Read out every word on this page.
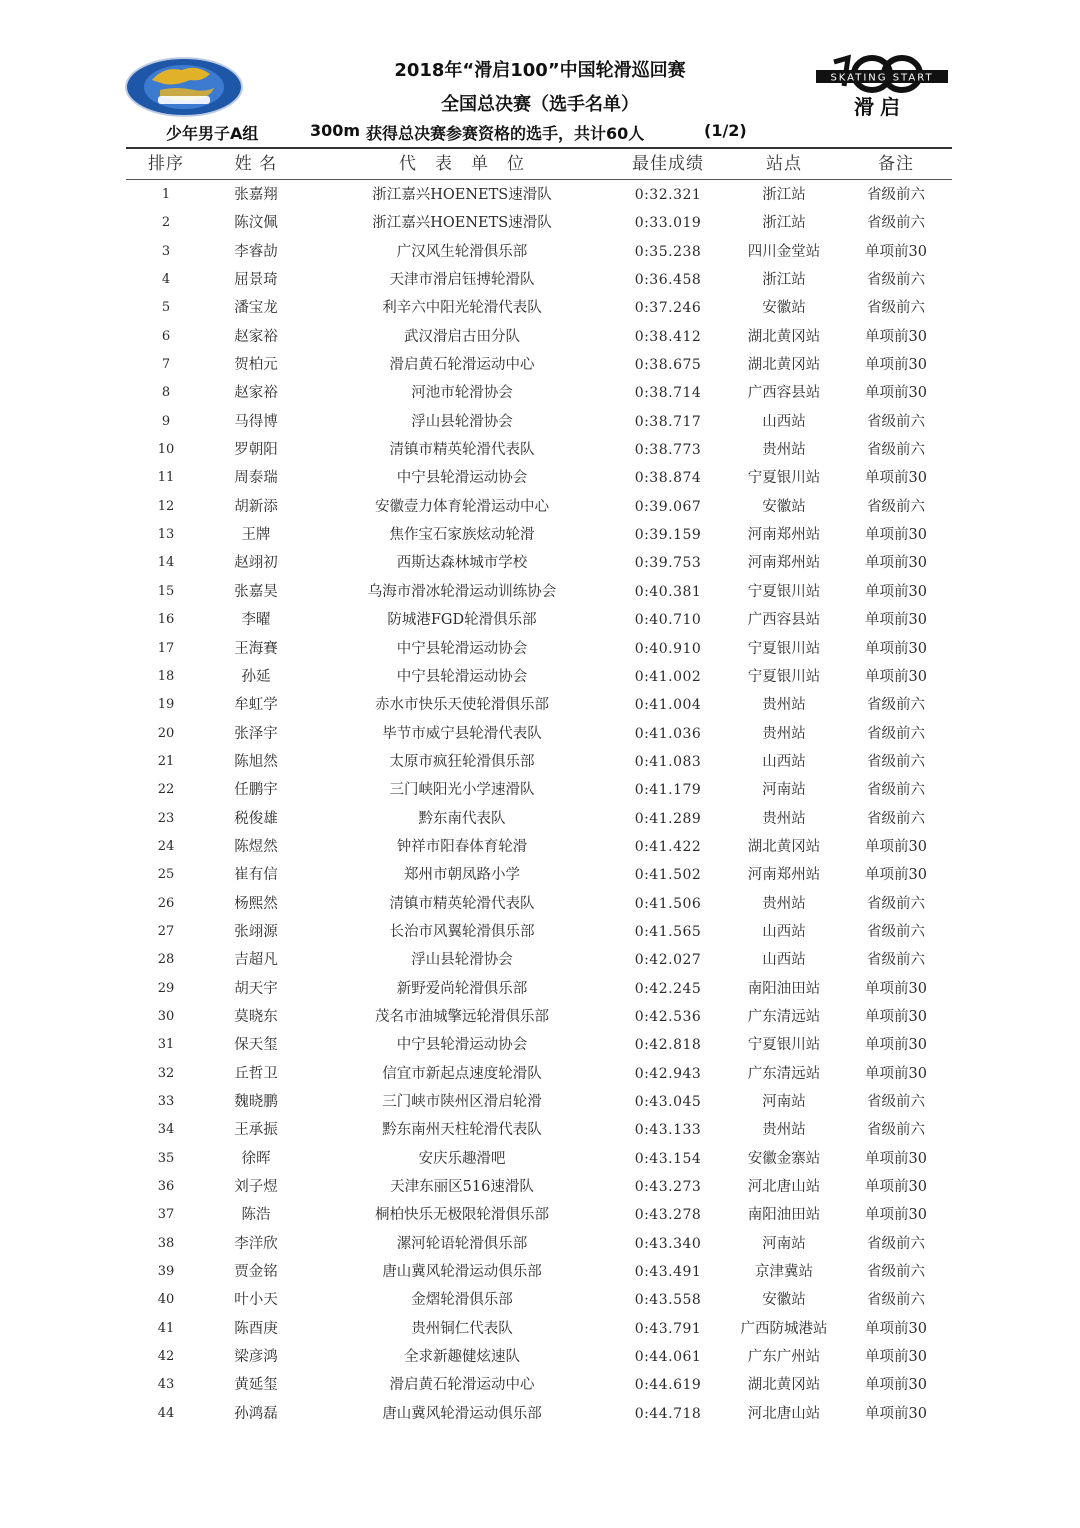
SKATING START
滑启
2018年“滑启100”中国轮滑巡回赛
全国总决赛（选手名单）
少年男子A组	300m 获得总决赛参赛资格的选手，共计60人	(1/2)
排序	姓 名	代　表　单　位	最佳成绩	站点	备注
1	张嘉翔	浙江嘉兴HOENETS速滑队	0:32.321	浙江站	省级前六
2	陈汶佩	浙江嘉兴HOENETS速滑队	0:33.019	浙江站	省级前六
3	李睿劼	广汉风生轮滑俱乐部	0:35.238	四川金堂站	单项前30
4	屈景琦	天津市滑启钰搏轮滑队	0:36.458	浙江站	省级前六
5	潘宝龙	利辛六中阳光轮滑代表队	0:37.246	安徽站	省级前六
6	赵家裕	武汉滑启古田分队	0:38.412	湖北黄冈站	单项前30
7	贺柏元	滑启黄石轮滑运动中心	0:38.675	湖北黄冈站	单项前30
8	赵家裕	河池市轮滑协会	0:38.714	广西容县站	单项前30
9	马得博	浮山县轮滑协会	0:38.717	山西站	省级前六
10	罗朝阳	清镇市精英轮滑代表队	0:38.773	贵州站	省级前六
11	周泰瑞	中宁县轮滑运动协会	0:38.874	宁夏银川站	单项前30
12	胡新添	安徽壹力体育轮滑运动中心	0:39.067	安徽站	省级前六
13	王牌	焦作宝石家族炫动轮滑	0:39.159	河南郑州站	单项前30
14	赵翊初	西斯达森林城市学校	0:39.753	河南郑州站	单项前30
15	张嘉昊	乌海市滑冰轮滑运动训练协会	0:40.381	宁夏银川站	单项前30
16	李曜	防城港FGD轮滑俱乐部	0:40.710	广西容县站	单项前30
17	王海賽	中宁县轮滑运动协会	0:40.910	宁夏银川站	单项前30
18	孙延	中宁县轮滑运动协会	0:41.002	宁夏银川站	单项前30
19	牟虹学	赤水市快乐天使轮滑俱乐部	0:41.004	贵州站	省级前六
20	张泽宇	毕节市威宁县轮滑代表队	0:41.036	贵州站	省级前六
21	陈旭然	太原市疯狂轮滑俱乐部	0:41.083	山西站	省级前六
22	任鹏宇	三门峡阳光小学速滑队	0:41.179	河南站	省级前六
23	税俊雄	黔东南代表队	0:41.289	贵州站	省级前六
24	陈煜然	钟祥市阳春体育轮滑	0:41.422	湖北黄冈站	单项前30
25	崔有信	郑州市朝凤路小学	0:41.502	河南郑州站	单项前30
26	杨熙然	清镇市精英轮滑代表队	0:41.506	贵州站	省级前六
27	张翊源	长治市风翼轮滑俱乐部	0:41.565	山西站	省级前六
28	吉超凡	浮山县轮滑协会	0:42.027	山西站	省级前六
29	胡天宇	新野爱尚轮滑俱乐部	0:42.245	南阳油田站	单项前30
30	莫晓东	茂名市油城擎远轮滑俱乐部	0:42.536	广东清远站	单项前30
31	保天玺	中宁县轮滑运动协会	0:42.818	宁夏银川站	单项前30
32	丘哲卫	信宜市新起点速度轮滑队	0:42.943	广东清远站	单项前30
33	魏晓鹏	三门峡市陕州区滑启轮滑	0:43.045	河南站	省级前六
34	王承振	黔东南州天柱轮滑代表队	0:43.133	贵州站	省级前六
35	徐晖	安庆乐趣滑吧	0:43.154	安徽金寨站	单项前30
36	刘子煜	天津东丽区516速滑队	0:43.273	河北唐山站	单项前30
37	陈浩	桐柏快乐无极限轮滑俱乐部	0:43.278	南阳油田站	单项前30
38	李洋欣	漯河轮语轮滑俱乐部	0:43.340	河南站	省级前六
39	贾金铭	唐山冀风轮滑运动俱乐部	0:43.491	京津冀站	省级前六
40	叶小天	金熠轮滑俱乐部	0:43.558	安徽站	省级前六
41	陈酉庚	贵州铜仁代表队	0:43.791	广西防城港站	单项前30
42	梁彦鸿	全求新趣健炫速队	0:44.061	广东广州站	单项前30
43	黄延玺	滑启黄石轮滑运动中心	0:44.619	湖北黄冈站	单项前30
44	孙鸿磊	唐山冀风轮滑运动俱乐部	0:44.718	河北唐山站	单项前30
